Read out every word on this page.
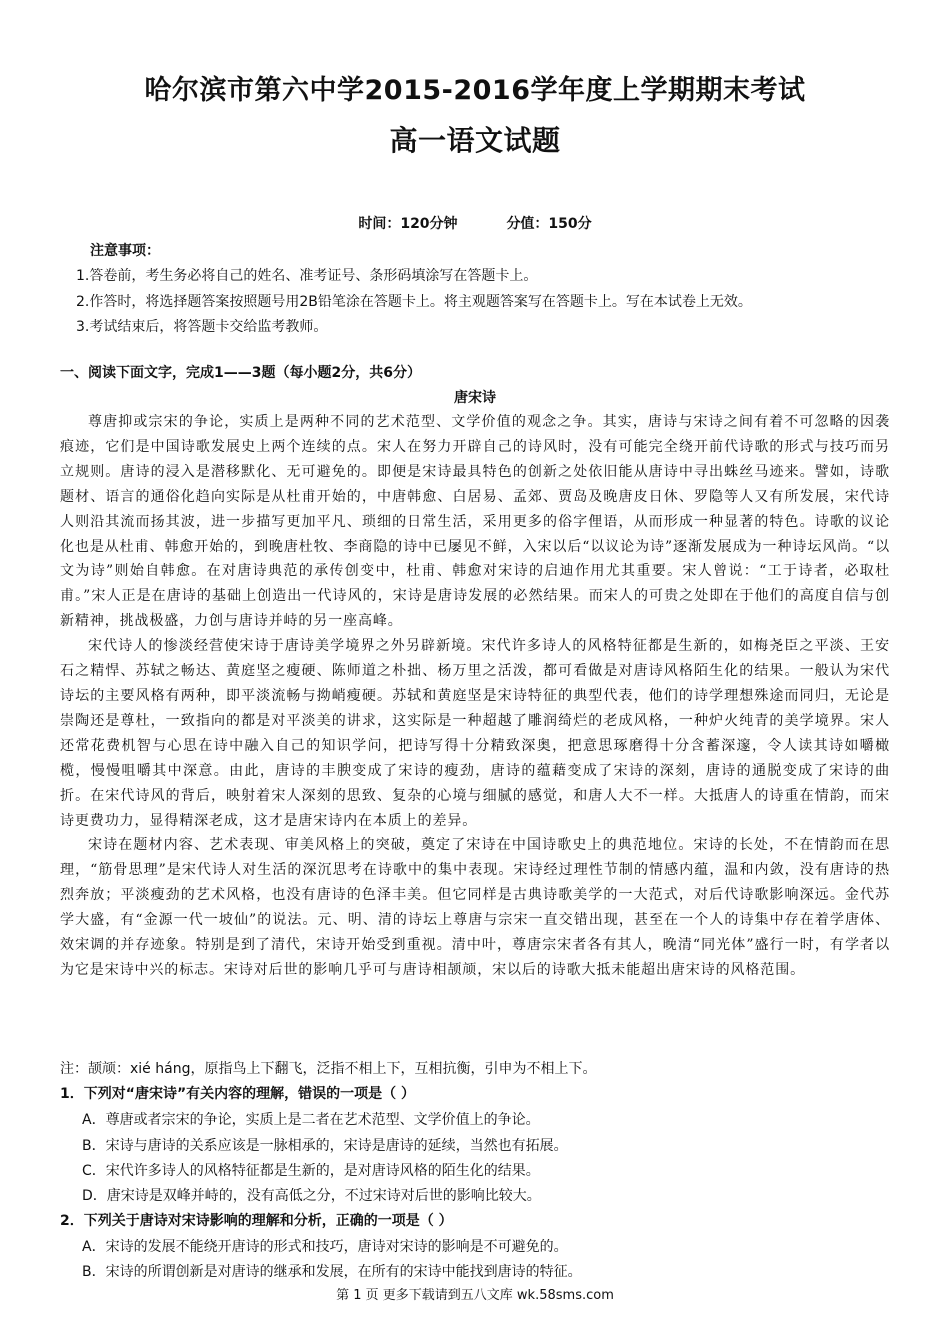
哈尔滨市第六中学2015-2016学年度上学期期末考试
高一语文试题
时间：120分钟	分值：150分
注意事项：
1.答卷前，考生务必将自己的姓名、准考证号、条形码填涂写在答题卡上。
2.作答时，将选择题答案按照题号用2B铅笔涂在答题卡上。将主观题答案写在答题卡上。写在本试卷上无效。
3.考试结束后，将答题卡交给监考教师。
一、阅读下面文字，完成1——3题（每小题2分，共6分）
唐宋诗

尊唐抑或宗宋的争论，实质上是两种不同的艺术范型、文学价值的观念之争。其实，唐诗与宋诗之间有着不可忽略的因袭痕迹，它们是中国诗歌发展史上两个连续的点。宋人在努力开辟自己的诗风时，没有可能完全绕开前代诗歌的形式与技巧而另立规则。唐诗的浸入是潜移默化、无可避免的。即便是宋诗最具特色的创新之处依旧能从唐诗中寻出蛛丝马迹来。譬如，诗歌题材、语言的通俗化趋向实际是从杜甫开始的，中唐韩愈、白居易、孟郊、贾岛及晚唐皮日休、罗隐等人又有所发展，宋代诗人则沿其流而扬其波，进一步描写更加平凡、琐细的日常生活，采用更多的俗字俚语，从而形成一种显著的特色。诗歌的议论化也是从杜甫、韩愈开始的，到晚唐杜牧、李商隐的诗中已屡见不鲜，入宋以后“以议论为诗”逐渐发展成为一种诗坛风尚。“以文为诗”则始自韩愈。在对唐诗典范的承传创变中，杜甫、韩愈对宋诗的启迪作用尤其重要。宋人曾说：“工于诗者，必取杜甫。”宋人正是在唐诗的基础上创造出一代诗风的，宋诗是唐诗发展的必然结果。而宋人的可贵之处即在于他们的高度自信与创新精神，挑战极盛，力创与唐诗并峙的另一座高峰。

宋代诗人的惨淡经营使宋诗于唐诗美学境界之外另辟新境。宋代许多诗人的风格特征都是生新的，如梅尧臣之平淡、王安石之精悍、苏轼之畅达、黄庭坚之瘦硬、陈师道之朴拙、杨万里之活泼，都可看做是对唐诗风格陌生化的结果。一般认为宋代诗坛的主要风格有两种，即平淡流畅与拗峭瘦硬。苏轼和黄庭坚是宋诗特征的典型代表，他们的诗学理想殊途而同归，无论是崇陶还是尊杜，一致指向的都是对平淡美的讲求，这实际是一种超越了雕润绮烂的老成风格，一种炉火纯青的美学境界。宋人还常花费机智与心思在诗中融入自己的知识学问，把诗写得十分精致深奥，把意思琢磨得十分含蓄深邃，令人读其诗如嚼橄榄，慢慢咀嚼其中深意。由此，唐诗的丰腴变成了宋诗的瘦劲，唐诗的蕴藉变成了宋诗的深刻，唐诗的通脱变成了宋诗的曲折。在宋代诗风的背后，映射着宋人深刻的思致、复杂的心境与细腻的感觉，和唐人大不一样。大抵唐人的诗重在情韵，而宋诗更费功力，显得精深老成，这才是唐宋诗内在本质上的差异。

宋诗在题材内容、艺术表现、审美风格上的突破，奠定了宋诗在中国诗歌史上的典范地位。宋诗的长处，不在情韵而在思理，“筋骨思理”是宋代诗人对生活的深沉思考在诗歌中的集中表现。宋诗经过理性节制的情感内蕴，温和内敛，没有唐诗的热烈奔放；平淡瘦劲的艺术风格，也没有唐诗的色泽丰美。但它同样是古典诗歌美学的一大范式，对后代诗歌影响深远。金代苏学大盛，有“金源一代一坡仙”的说法。元、明、清的诗坛上尊唐与宗宋一直交错出现，甚至在一个人的诗集中存在着学唐体、效宋调的并存迹象。特别是到了清代，宋诗开始受到重视。清中叶，尊唐宗宋者各有其人，晚清“同光体”盛行一时，有学者以为它是宋诗中兴的标志。宋诗对后世的影响几乎可与唐诗相颉颃，宋以后的诗歌大抵未能超出唐宋诗的风格范围。

注：颉颃：xié háng，原指鸟上下翻飞，泛指不相上下，互相抗衡，引申为不相上下。
1．下列对“唐宋诗”有关内容的理解，错误的一项是（ ）
A．尊唐或者宗宋的争论，实质上是二者在艺术范型、文学价值上的争论。
B．宋诗与唐诗的关系应该是一脉相承的，宋诗是唐诗的延续，当然也有拓展。
C．宋代许多诗人的风格特征都是生新的，是对唐诗风格的陌生化的结果。
D．唐宋诗是双峰并峙的，没有高低之分，不过宋诗对后世的影响比较大。
2．下列关于唐诗对宋诗影响的理解和分析，正确的一项是（ ）
A．宋诗的发展不能绕开唐诗的形式和技巧，唐诗对宋诗的影响是不可避免的。
B．宋诗的所谓创新是对唐诗的继承和发展，在所有的宋诗中能找到唐诗的特征。
第 1 页 更多下载请到五八文库 wk.58sms.com
